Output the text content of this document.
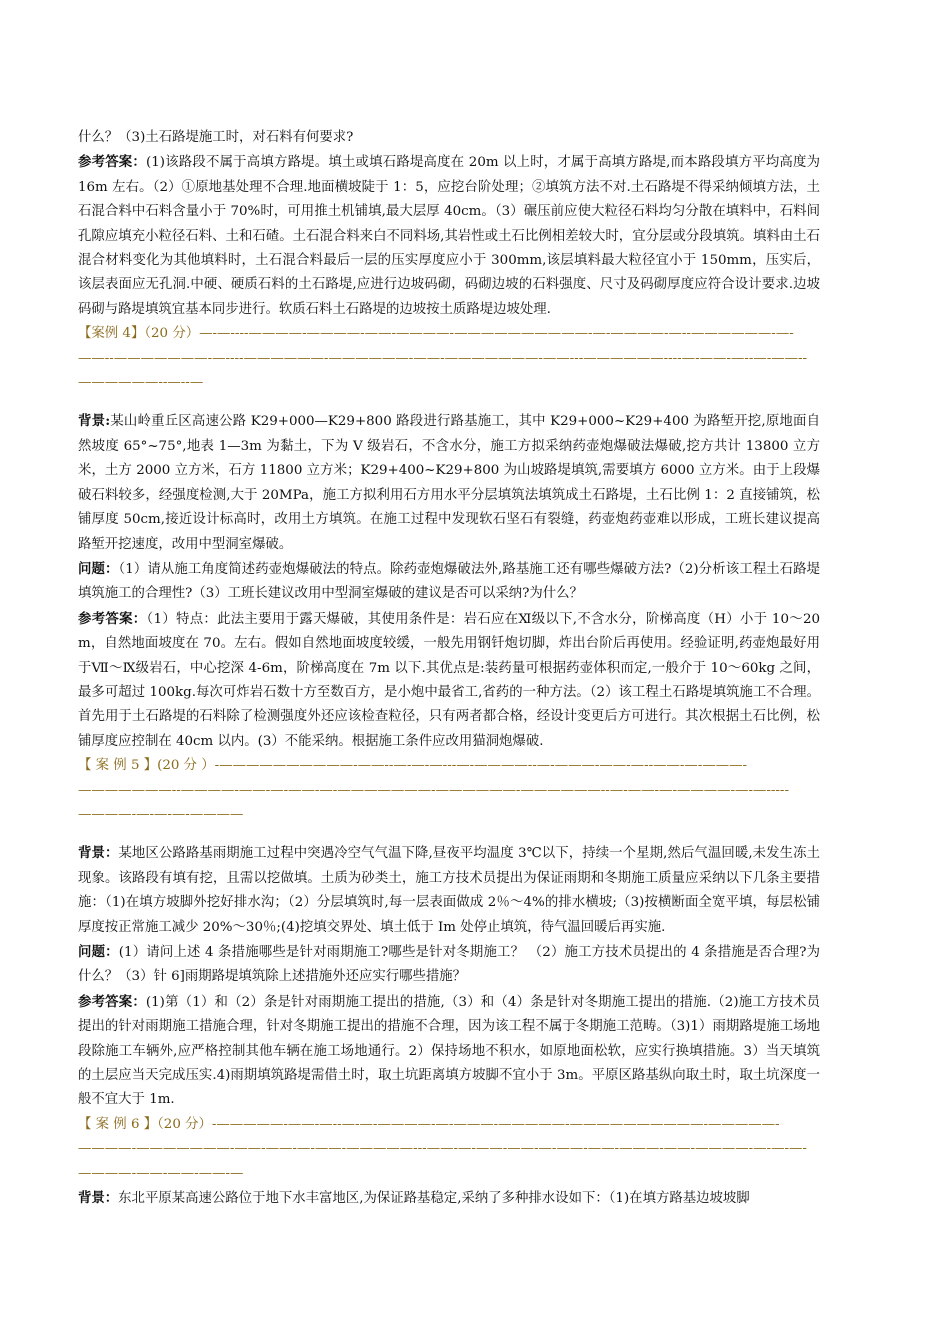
什么？（3)土石路堤施工时，对石料有何要求?

参考答案：(1)该路段不属于高填方路堤。填土或填石路堤高度在 20m 以上时，才属于高填方路堤,而本路段填方平均高度为 16m 左右。（2）①原地基处理不合理.地面横坡陡于 1：5，应挖台阶处理；②填筑方法不对.土石路堤不得采纳倾填方法，土石混合料中石料含量小于 70%时，可用推土机铺填,最大层厚 40cm。（3）碾压前应使大粒径石料均匀分散在填料中，石料间孔隙应填充小粒径石料、土和石碴。土石混合料来白不同料场,其岩性或土石比例相差较大时，宜分层或分段填筑。填料由土石混合材料变化为其他填料时，土石混合料最后一层的压实厚度应小于 300mm,该层填料最大粒径宜小于 150mm，压实后，该层表面应无孔洞.中硬、硬质石料的土石路堤,应进行边坡码砌，码砌边坡的石料强度、尺寸及码砌厚度应符合设计要求.边坡码砌与路堤填筑宜基本同步进行。软质石料土石路堤的边坡按土质路堤边坡处理.

【案例 4】（20 分）—-—----————-————-——-————-——————————-—-————-—--——————-—-——--———————-—----——————-——————-——-———————-——---——————----—-——-—--—-——--——————--—--—

背景:某山岭重丘区高速公路 K29+000—K29+800 路段进行路基施工，其中 K29+000~K29+400 为路堑开挖,原地面自然坡度 65°~75°,地表 1—3m 为黏土，下为 V 级岩石，不含水分，施工方拟采纳药壶炮爆破法爆破,挖方共计 13800 立方米，土方 2000 立方米，石方 11800 立方米；K29+400~K29+800 为山坡路堤填筑,需要填方 6000 立方米。由于上段爆破石料较多，经强度检测,大于 20MPa，施工方拟利用石方用水平分层填筑法填筑成土石路堤，土石比例 1：2 直接铺筑，松铺厚度 50cm,接近设计标高时，改用土方填筑。在施工过程中发现软石坚石有裂缝，药壶炮药壶难以形成，工班长建议提高路堑开挖速度，改用中型洞室爆破。

问题：（1）请从施工角度简述药壶炮爆破法的特点。除药壶炮爆破法外,路基施工还有哪些爆破方法?（2)分析该工程土石路堤填筑施工的合理性?（3）工班长建议改用中型洞室爆破的建议是否可以采纳?为什么？

参考答案：（1）特点：此法主要用于露天爆破，其使用条件是：岩石应在Ⅺ级以下,不含水分，阶梯高度（H）小于 10～20m，自然地面坡度在 70。左右。假如自然地面坡度较缓，一般先用钢钎炮切脚，炸出台阶后再使用。经验证明,药壶炮最好用于Ⅶ～Ⅸ级岩石，中心挖深 4-6m，阶梯高度在 7m 以下.其优点是:装药量可根据药壶体积而定,一般介于 10～60kg 之间，最多可超过 100kg.每次可炸岩石数十方至数百方，是小炮中最省工,省药的一种方法。（2）该工程土石路堤填筑施工不合理。首先用于土石路堤的石料除了检测强度外还应该检查粒径，只有两者都合格，经设计变更后方可进行。其次根据土石比例，松铺厚度应控制在 40cm 以内。(3）不能采纳。根据施工条件应改用猫洞炮爆破.

【 案 例 5 】(20 分 ）-——————————-——--—-—-—---—-————--—-———-——-—--——-—-———-———————--————-——-—-——-—-———————-——————-——————--—-——-—-————-—-—-----————-—-—-—-————

背景：某地区公路路基雨期施工过程中突遇冷空气气温下降,昼夜平均温度 3℃以下，持续一个星期,然后气温回暖,未发生冻土现象。该路段有填有挖，且需以挖做填。土质为砂类土，施工方技术员提出为保证雨期和冬期施工质量应采纳以下几条主要措施：（1)在填方坡脚外挖好排水沟；（2）分层填筑时,每一层表面做成 2％～4%的排水横坡;（3)按横断面全宽平填，每层松铺厚度按正常施工减少 20%～30％;(4)挖填交界处、填土低于 Im 处停止填筑，待气温回暖后再实施.

问题：(1）请问上述 4 条措施哪些是针对雨期施工?哪些是针对冬期施工？ （2）施工方技术员提出的 4 条措施是否合理?为什么？（3）针 6]雨期路堤填筑除上述措施外还应实行哪些措施？

参考答案：(1)第（1）和（2）条是针对雨期施工提出的措施,（3）和（4）条是针对冬期施工提出的措施.（2)施工方技术员提出的针对雨期施工措施合理，针对冬期施工提出的措施不合理，因为该工程不属于冬期施工范畴。（3)1）雨期路堤施工场地段除施工车辆外,应严格控制其他车辆在施工场地通行。2）保持场地不积水，如原地面松软，应实行换填措施。3）当天填筑的土层应当天完成压实.4)雨期填筑路堤需借土时，取土坑距离填方坡脚不宜小于 3m。平原区路基纵向取土时，取土坑深度一般不宜大于 1m.

【 案 例 6 】（20 分）-—————-——-—--—-—-————-—-———-—————-——————————-—————-————-———————-——-——-—-——-—————---——-—-——-——-—-——-——-———-——-————-—-—-—-————-——-——-——-—

背景：东北平原某高速公路位于地下水丰富地区,为保证路基稳定,采纳了多种排水设如下：（1)在填方路基边坡坡脚
